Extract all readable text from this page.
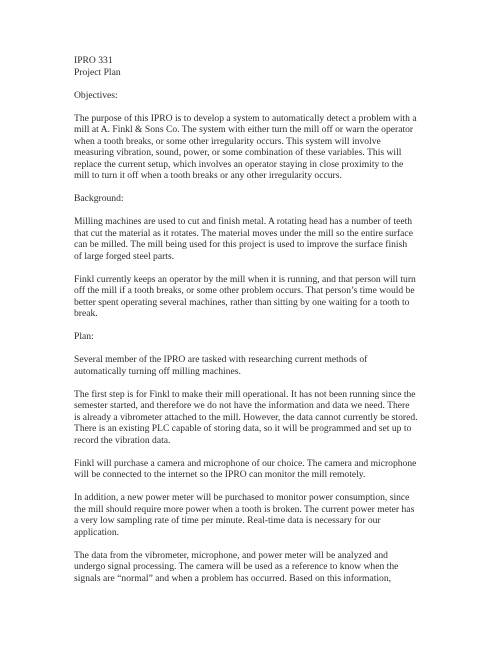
IPRO 331
Project Plan
Objectives:
The purpose of this IPRO is to develop a system to automatically detect a problem with a
mill at A. Finkl & Sons Co. The system with either turn the mill off or warn the operator
when a tooth breaks, or some other irregularity occurs. This system will involve
measuring vibration, sound, power, or some combination of these variables. This will
replace the current setup, which involves an operator staying in close proximity to the
mill to turn it off when a tooth breaks or any other irregularity occurs.
Background:
Milling machines are used to cut and finish metal. A rotating head has a number of teeth
that cut the material as it rotates. The material moves under the mill so the entire surface
can be milled. The mill being used for this project is used to improve the surface finish
of large forged steel parts.
Finkl currently keeps an operator by the mill when it is running, and that person will turn
off the mill if a tooth breaks, or some other problem occurs. That person’s time would be
better spent operating several machines, rather than sitting by one waiting for a tooth to
break.
Plan:
Several member of the IPRO are tasked with researching current methods of
automatically turning off milling machines.
The first step is for Finkl to make their mill operational. It has not been running since the
semester started, and therefore we do not have the information and data we need. There
is already a vibrometer attached to the mill. However, the data cannot currently be stored.
There is an existing PLC capable of storing data, so it will be programmed and set up to
record the vibration data.
Finkl will purchase a camera and microphone of our choice. The camera and microphone
will be connected to the internet so the IPRO can monitor the mill remotely.
In addition, a new power meter will be purchased to monitor power consumption, since
the mill should require more power when a tooth is broken. The current power meter has
a very low sampling rate of time per minute. Real-time data is necessary for our
application.
The data from the vibrometer, microphone, and power meter will be analyzed and
undergo signal processing. The camera will be used as a reference to know when the
signals are “normal” and when a problem has occurred. Based on this information,
